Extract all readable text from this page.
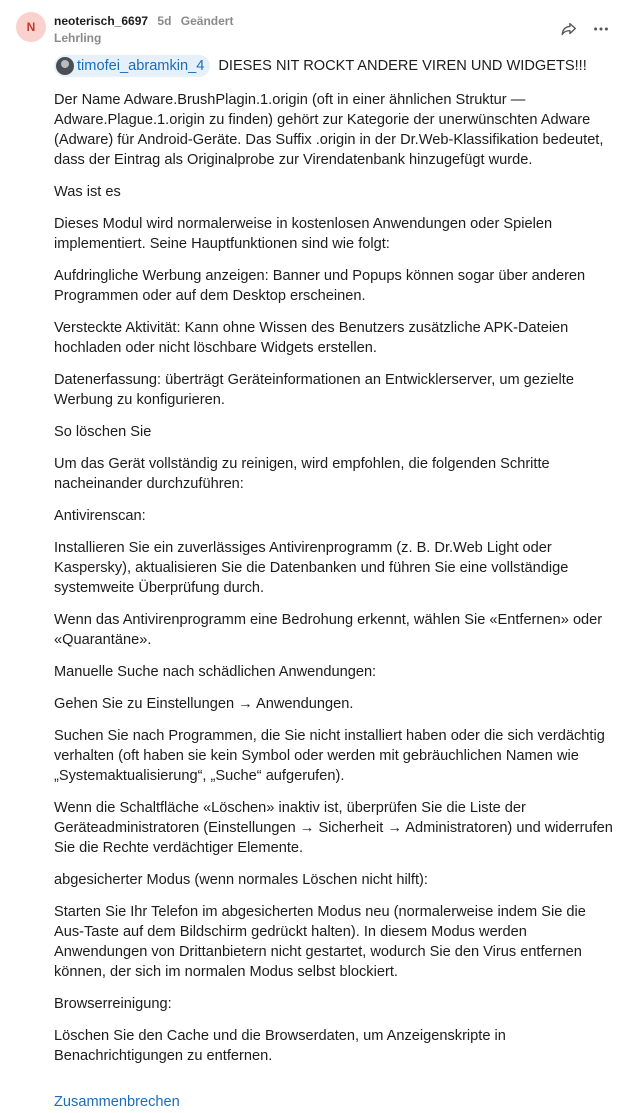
N neoterisch_6697 5d Geändert
Lehrling
timofei_abramkin_4 DIESES NIT ROCKT ANDERE VIREN UND WIDGETS!!!

Der Name Adware.BrushPlagin.1.origin (oft in einer ähnlichen Struktur — Adware.Plague.1.origin zu finden) gehört zur Kategorie der unerwünschten Adware (Adware) für Android-Geräte. Das Suffix .origin in der Dr.Web-Klassifikation bedeutet, dass der Eintrag als Originalprobe zur Virendatenbank hinzugefügt wurde.

Was ist es

Dieses Modul wird normalerweise in kostenlosen Anwendungen oder Spielen implementiert. Seine Hauptfunktionen sind wie folgt:

Aufdringliche Werbung anzeigen: Banner und Popups können sogar über anderen Programmen oder auf dem Desktop erscheinen.

Versteckte Aktivität: Kann ohne Wissen des Benutzers zusätzliche APK-Dateien hochladen oder nicht löschbare Widgets erstellen.

Datenerfassung: überträgt Geräteinformationen an Entwicklerserver, um gezielte Werbung zu konfigurieren.

So löschen Sie

Um das Gerät vollständig zu reinigen, wird empfohlen, die folgenden Schritte nacheinander durchzuführen:

Antivirenscan:

Installieren Sie ein zuverlässiges Antivirenprogramm (z. B. Dr.Web Light oder Kaspersky), aktualisieren Sie die Datenbanken und führen Sie eine vollständige systemweite Überprüfung durch.

Wenn das Antivirenprogramm eine Bedrohung erkennt, wählen Sie «Entfernen» oder «Quarantäne».

Manuelle Suche nach schädlichen Anwendungen:

Gehen Sie zu Einstellungen → Anwendungen.

Suchen Sie nach Programmen, die Sie nicht installiert haben oder die sich verdächtig verhalten (oft haben sie kein Symbol oder werden mit gebräuchlichen Namen wie „Systemaktualisierung“, „Suche“ aufgerufen).

Wenn die Schaltfläche «Löschen» inaktiv ist, überprüfen Sie die Liste der Geräteadministratoren (Einstellungen → Sicherheit → Administratoren) und widerrufen Sie die Rechte verdächtiger Elemente.

abgesicherter Modus (wenn normales Löschen nicht hilft):

Starten Sie Ihr Telefon im abgesicherten Modus neu (normalerweise indem Sie die Aus-Taste auf dem Bildschirm gedrückt halten). In diesem Modus werden Anwendungen von Drittanbietern nicht gestartet, wodurch Sie den Virus entfernen können, der sich im normalen Modus selbst blockiert.

Browserreinigung:

Löschen Sie den Cache und die Browserdaten, um Anzeigenskripte in Benachrichtigungen zu entfernen.

Zusammenbrechen
